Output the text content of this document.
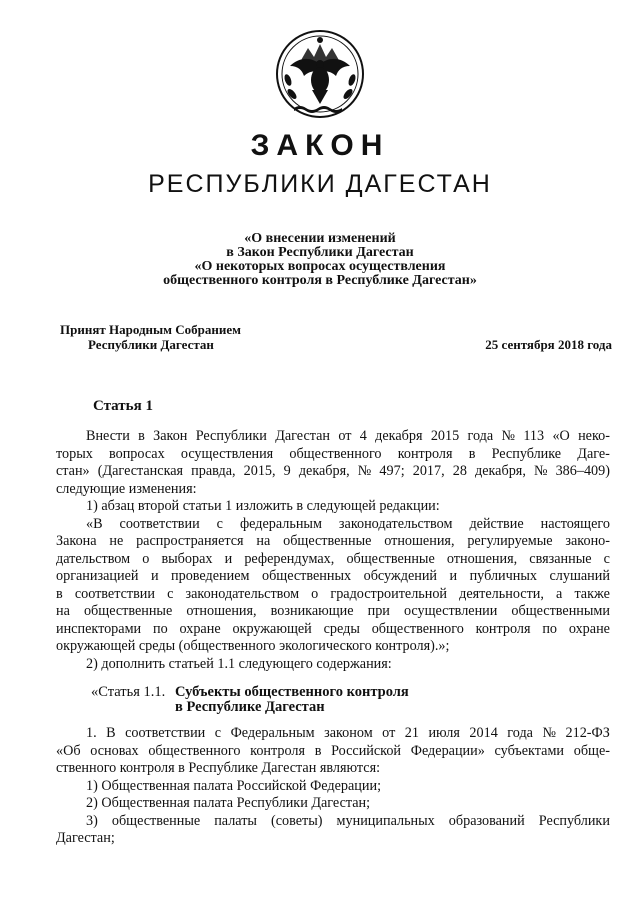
ЗАКОН
РЕСПУБЛИКИ ДАГЕСТАН
«О внесении изменений
в Закон Республики Дагестан
«О некоторых вопросах осуществления
общественного контроля в Республике Дагестан»
Принят Народным Собранием
Республики Дагестан	25 сентября 2018 года
Статья 1
Внести в Закон Республики Дагестан от 4 декабря 2015 года № 113 «О неко-
торых вопросах осуществления общественного контроля в Республике Даге-
стан» (Дагестанская правда, 2015, 9 декабря, № 497; 2017, 28 декабря, № 386–409)
следующие изменения:
1) абзац второй статьи 1 изложить в следующей редакции:
«В соответствии с федеральным законодательством действие настоящего
Закона не распространяется на общественные отношения, регулируемые законо-
дательством о выборах и референдумах, общественные отношения, связанные с
организацией и проведением общественных обсуждений и публичных слушаний
в соответствии с законодательством о градостроительной деятельности, а также
на общественные отношения, возникающие при осуществлении общественными
инспекторами по охране окружающей среды общественного контроля по охране
окружающей среды (общественного экологического контроля).»;
2) дополнить статьей 1.1 следующего содержания:
«Статья 1.1. Субъекты общественного контроля
в Республике Дагестан
1. В соответствии с Федеральным законом от 21 июля 2014 года № 212-ФЗ
«Об основах общественного контроля в Российской Федерации» субъектами обще-
ственного контроля в Республике Дагестан являются:
1) Общественная палата Российской Федерации;
2) Общественная палата Республики Дагестан;
3) общественные палаты (советы) муниципальных образований Республики
Дагестан;
